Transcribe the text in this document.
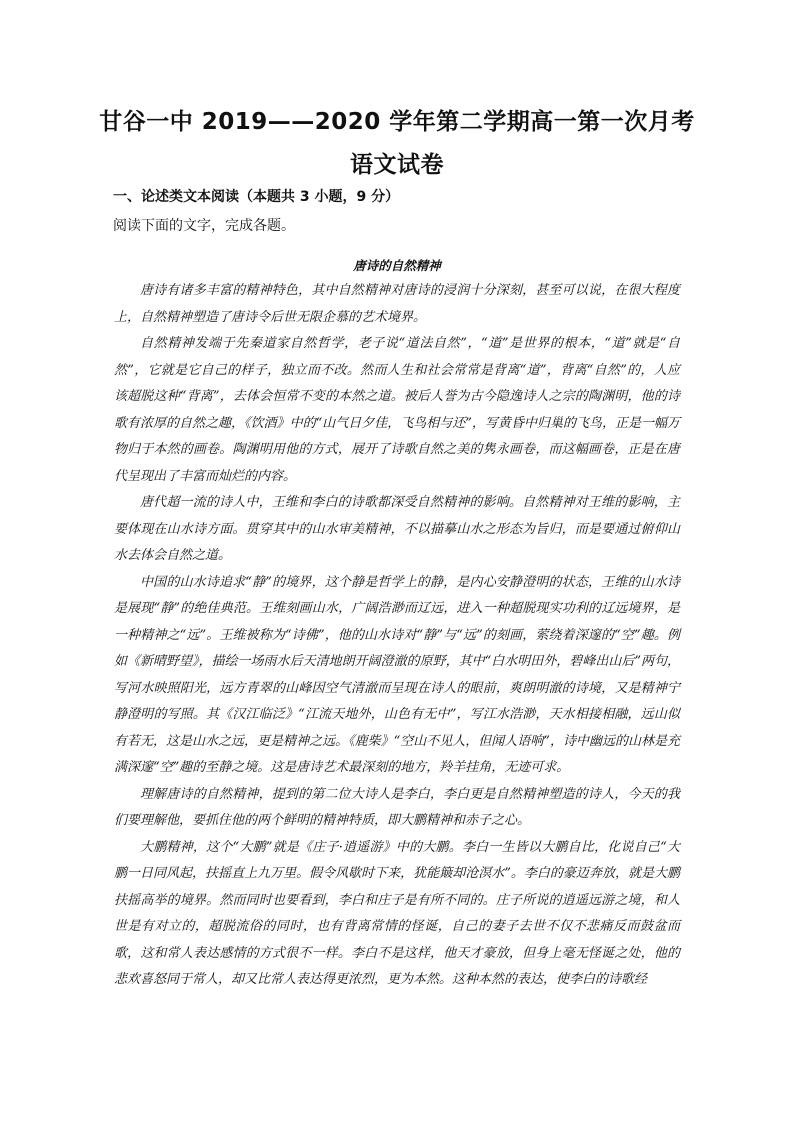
甘谷一中 2019——2020 学年第二学期高一第一次月考
语文试卷
一、论述类文本阅读（本题共 3 小题，9 分）
阅读下面的文字，完成各题。
唐诗的自然精神

唐诗有诸多丰富的精神特色，其中自然精神对唐诗的浸润十分深刻，甚至可以说，在很大程度上，自然精神塑造了唐诗令后世无限企慕的艺术境界。

自然精神发端于先秦道家自然哲学，老子说“道法自然”，“道”是世界的根本，“道”就是“自然”，它就是它自己的样子，独立而不改。然而人生和社会常常是背离“道”，背离“自然”的，人应该超脱这种“背离”，去体会恒常不变的本然之道。被后人誉为古今隐逸诗人之宗的陶渊明，他的诗歌有浓厚的自然之趣，《饮酒》中的“山气日夕佳，飞鸟相与还”，写黄昏中归巢的飞鸟，正是一幅万物归于本然的画卷。陶渊明用他的方式，展开了诗歌自然之美的隽永画卷，而这幅画卷，正是在唐代呈现出了丰富而灿烂的内容。

唐代超一流的诗人中，王维和李白的诗歌都深受自然精神的影响。自然精神对王维的影响，主要体现在山水诗方面。贯穿其中的山水审美精神，不以描摹山水之形态为旨归，而是要通过俯仰山水去体会自然之道。

中国的山水诗追求“静”的境界，这个静是哲学上的静，是内心安静澄明的状态，王维的山水诗是展现“静”的绝佳典范。王维刻画山水，广阔浩渺而辽远，进入一种超脱现实功利的辽远境界，是一种精神之“远”。王维被称为“诗佛”，他的山水诗对“静”与“远”的刻画，萦绕着深邃的“空”趣。例如《新晴野望》，描绘一场雨水后天清地朗开阔澄澈的原野，其中“白水明田外，碧峰出山后”两句，写河水映照阳光，远方青翠的山峰因空气清澈而呈现在诗人的眼前，爽朗明澈的诗境，又是精神宁静澄明的写照。其《汉江临泛》“江流天地外，山色有无中”，写江水浩渺，天水相接相融，远山似有若无，这是山水之远，更是精神之远。《鹿柴》“空山不见人，但闻人语响”，诗中幽远的山林是充满深邃“空”趣的至静之境。这是唐诗艺术最深刻的地方，羚羊挂角，无迹可求。

理解唐诗的自然精神，提到的第二位大诗人是李白，李白更是自然精神塑造的诗人，今天的我们要理解他，要抓住他的两个鲜明的精神特质，即大鹏精神和赤子之心。

大鹏精神，这个“大鹏”就是《庄子·逍遥游》中的大鹏。李白一生皆以大鹏自比，化说自己“大鹏一日同风起，扶摇直上九万里。假令风歇时下来，犹能簸却沧溟水”。李白的豪迈奔放，就是大鹏扶摇高举的境界。然而同时也要看到，李白和庄子是有所不同的。庄子所说的逍遥远游之境，和人世是有对立的，超脱流俗的同时，也有背离常情的怪诞，自己的妻子去世不仅不悲痛反而鼓盆而歌，这和常人表达感情的方式很不一样。李白不是这样，他天才豪放，但身上毫无怪诞之处，他的悲欢喜怒同于常人，却又比常人表达得更浓烈，更为本然。这种本然的表达，使李白的诗歌经
